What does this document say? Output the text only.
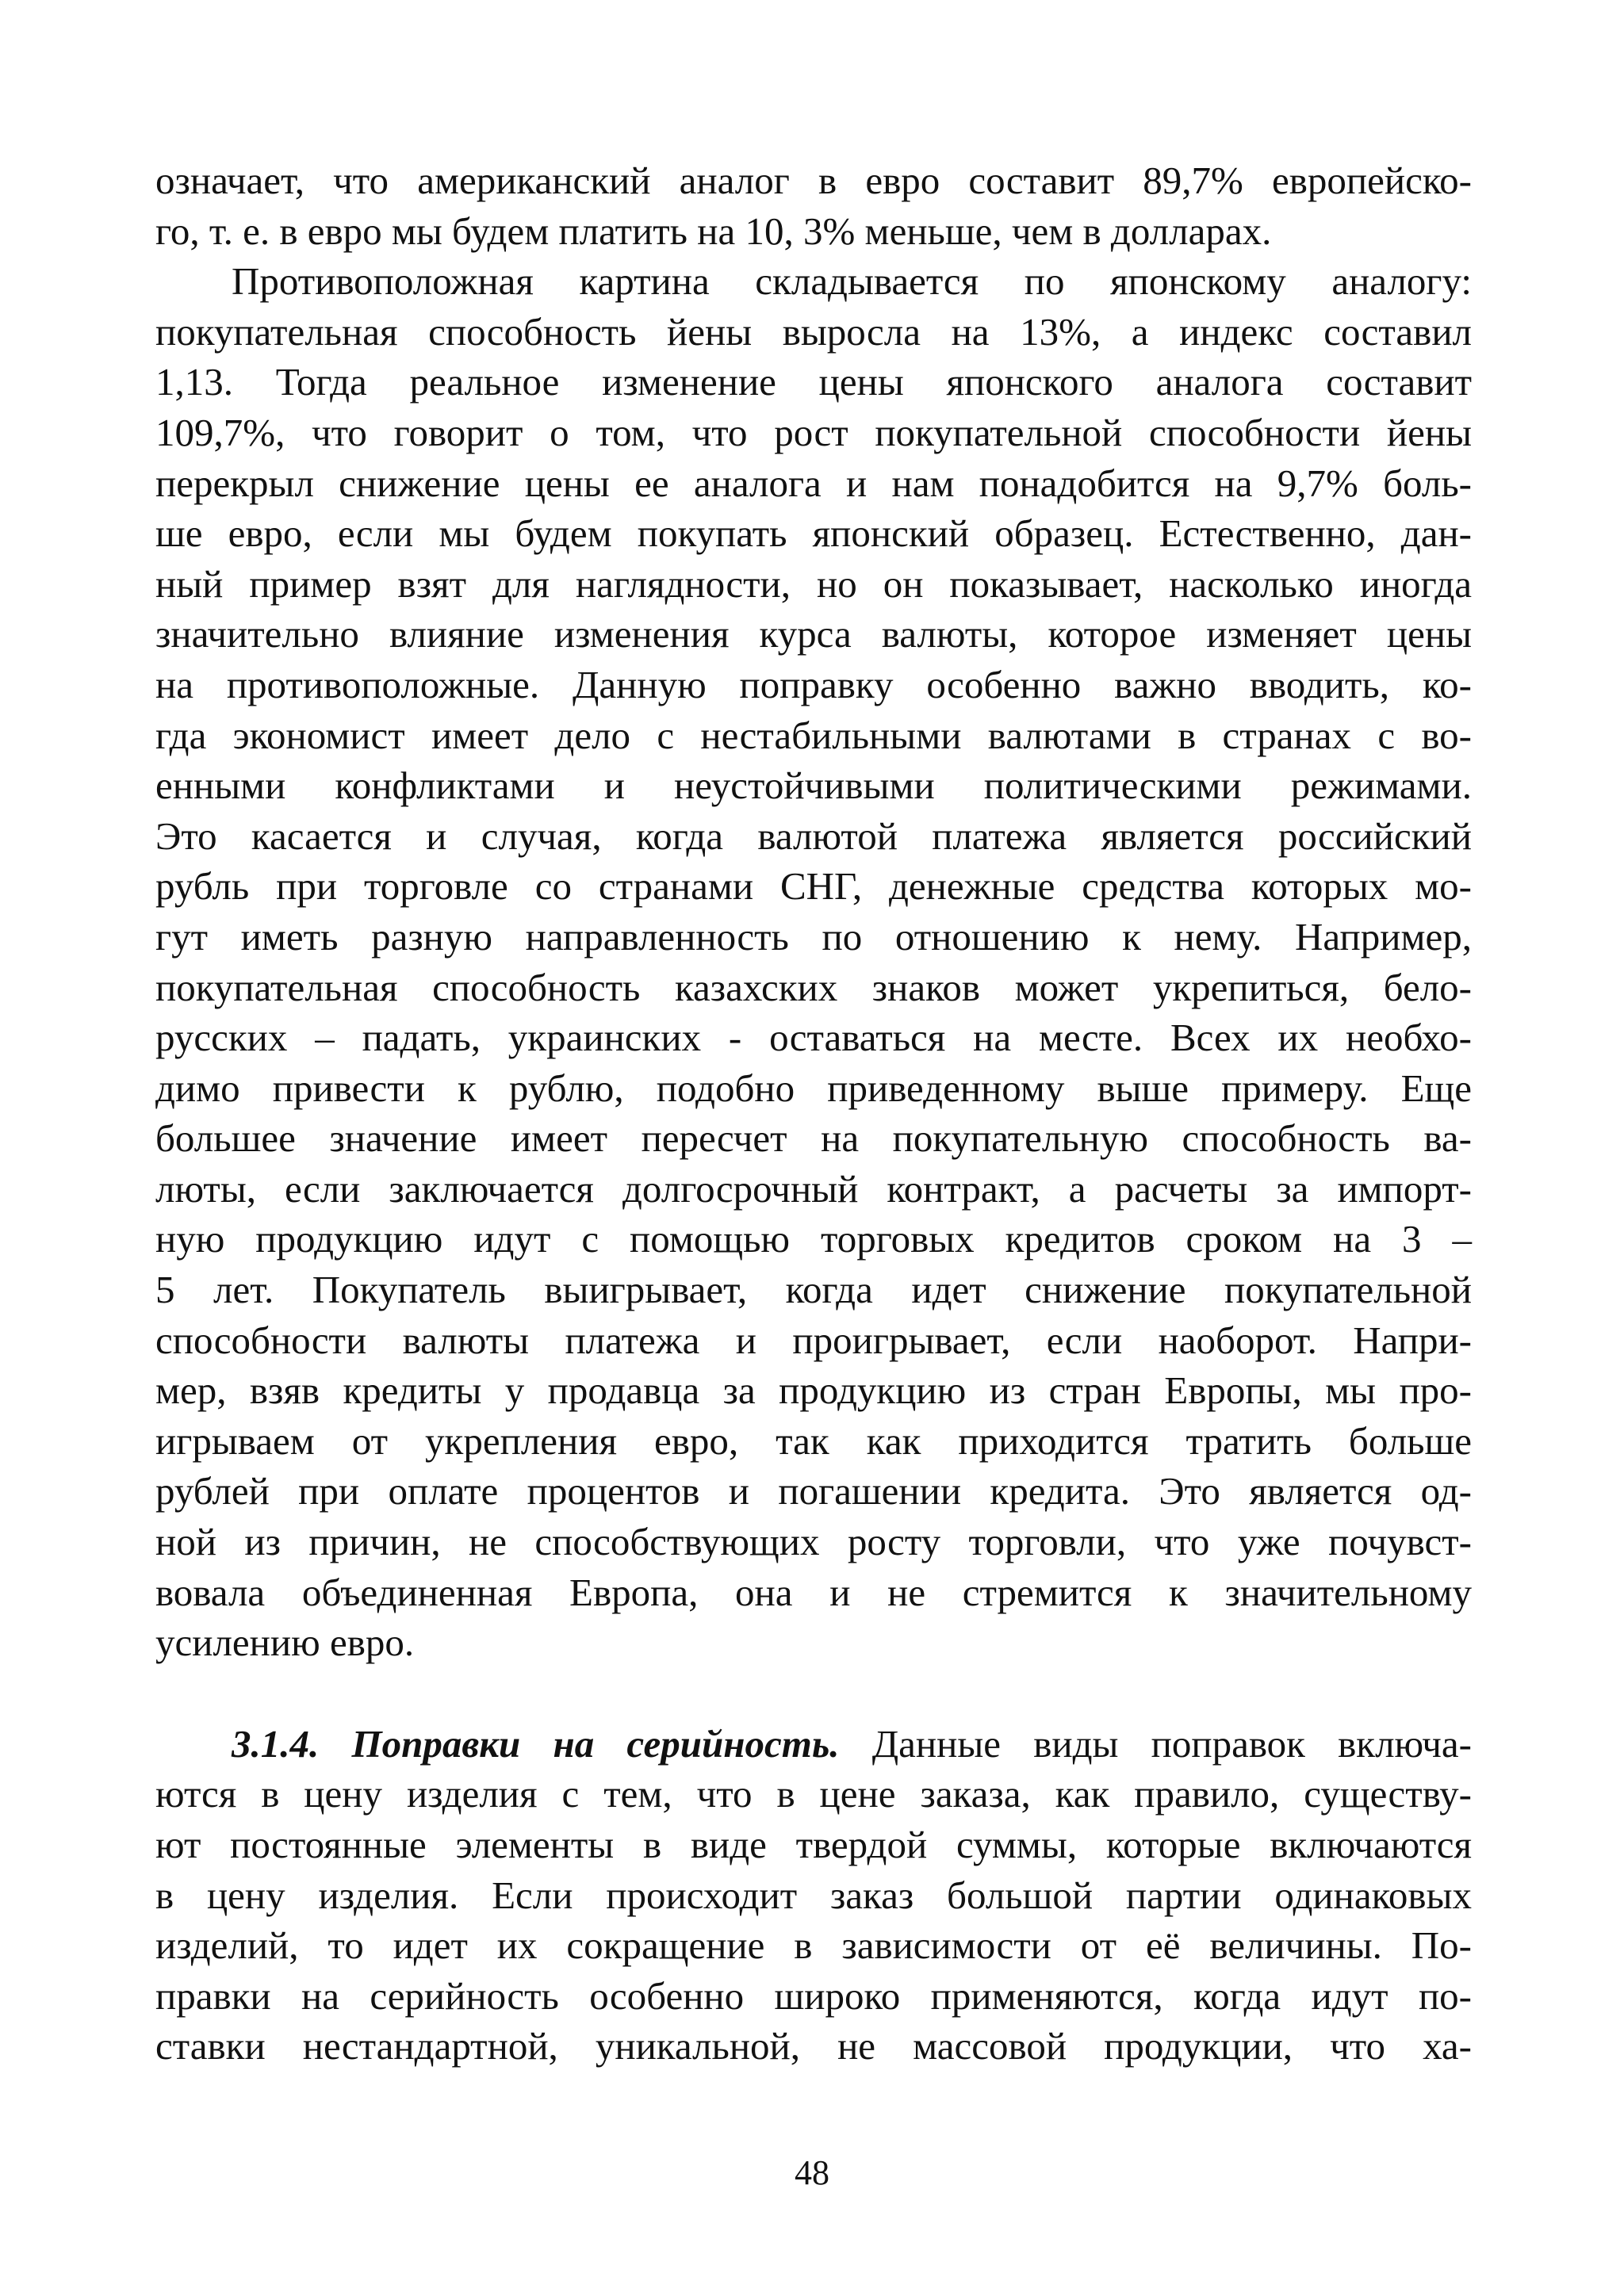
означает, что американский аналог в евро составит 89,7% европейско-
го, т. е. в евро мы будем платить на 10, 3% меньше, чем в долларах.

Противоположная картина складывается по японскому аналогу:
покупательная способность йены выросла на 13%, а индекс составил
1,13. Тогда реальное изменение цены японского аналога составит
109,7%, что говорит о том, что рост покупательной способности йены
перекрыл снижение цены ее аналога и нам понадобится на 9,7% боль-
ше евро, если мы будем покупать японский образец. Естественно, дан-
ный пример взят для наглядности, но он показывает, насколько иногда
значительно влияние изменения курса валюты, которое изменяет цены
на противоположные. Данную поправку особенно важно вводить, ко-
гда экономист имеет дело с нестабильными валютами в странах с во-
енными конфликтами и неустойчивыми политическими режимами.
Это касается и случая, когда валютой платежа является российский
рубль при торговле со странами СНГ, денежные средства которых мо-
гут иметь разную направленность по отношению к нему. Например,
покупательная способность казахских знаков может укрепиться, бело-
русских – падать, украинских - оставаться на месте. Всех их необхо-
димо привести к рублю, подобно приведенному выше примеру. Еще
большее значение имеет пересчет на покупательную способность ва-
люты, если заключается долгосрочный контракт, а расчеты за импорт-
ную продукцию идут с помощью торговых кредитов сроком на 3 –
5 лет. Покупатель выигрывает, когда идет снижение покупательной
способности валюты платежа и проигрывает, если наоборот. Напри-
мер, взяв кредиты у продавца за продукцию из стран Европы, мы про-
игрываем от укрепления евро, так как приходится тратить больше
рублей при оплате процентов и погашении кредита. Это является од-
ной из причин, не способствующих росту торговли, что уже почувст-
вовала объединенная Европа, она и не стремится к значительному
усилению евро.

3.1.4. Поправки на серийность. Данные виды поправок включа-
ются в цену изделия с тем, что в цене заказа, как правило, существу-
ют постоянные элементы в виде твердой суммы, которые включаются
в цену изделия. Если происходит заказ большой партии одинаковых
изделий, то идет их сокращение в зависимости от её величины. По-
правки на серийность особенно широко применяются, когда идут по-
ставки нестандартной, уникальной, не массовой продукции, что ха-

48
